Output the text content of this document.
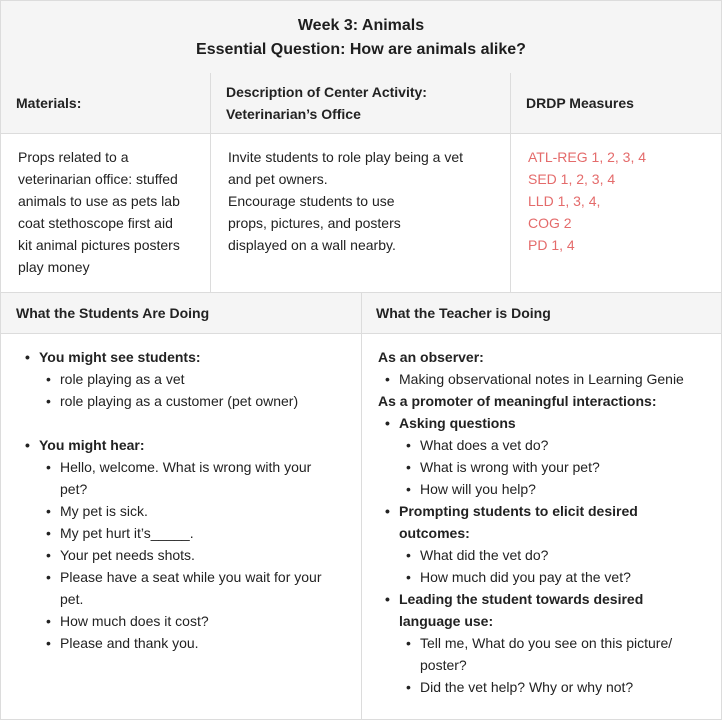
Week 3: Animals
Essential Question: How are animals alike?
Materials:
Description of Center Activity:
Veterinarian’s Office
DRDP Measures
Props related to a
veterinarian office: stuffed
animals to use as pets lab
coat stethoscope first aid
kit animal pictures posters
play money
Invite students to role play being a vet
and pet owners.
Encourage students to use
props, pictures, and posters
displayed on a wall nearby.
ATL-REG 1, 2, 3, 4
SED 1, 2, 3, 4
LLD 1, 3, 4,
COG 2
PD 1, 4
What the Students Are Doing	What the Teacher is Doing
• You might see students:
• role playing as a vet
• role playing as a customer (pet owner)
• You might hear:
• Hello, welcome. What is wrong with your
pet?
• My pet is sick.
• My pet hurt it’s_____.
• Your pet needs shots.
• Please have a seat while you wait for your
pet.
• How much does it cost?
• Please and thank you.
As an observer:
• Making observational notes in Learning Genie
As a promoter of meaningful interactions:
• Asking questions
• What does a vet do?
• What is wrong with your pet?
• How will you help?
• Prompting students to elicit desired
outcomes:
• What did the vet do?
• How much did you pay at the vet?
• Leading the student towards desired
language use:
• Tell me, What do you see on this picture/
poster?
• Did the vet help? Why or why not?
